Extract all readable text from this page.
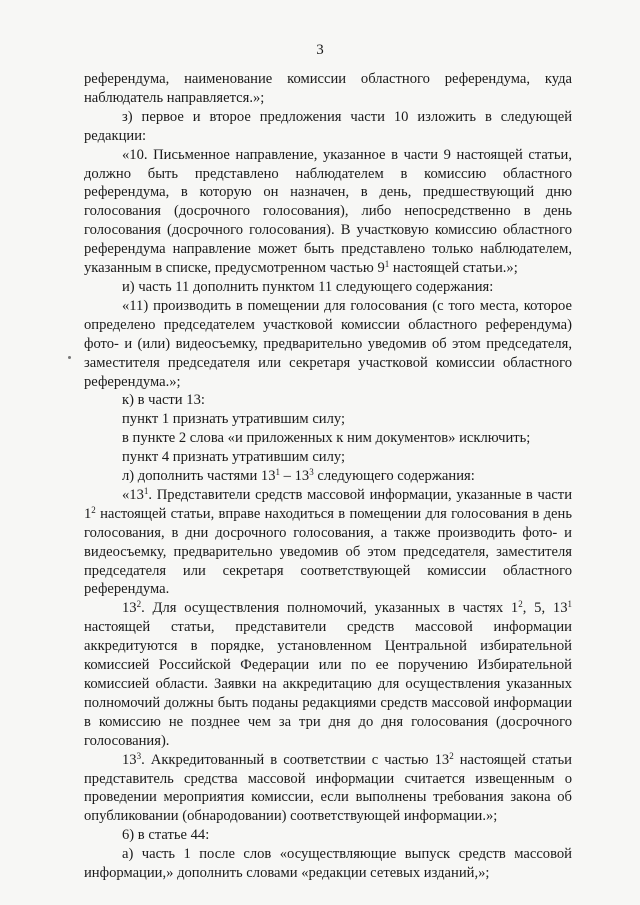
3

референдума, наименование комиссии областного референдума, куда наблюдатель направляется.»;

з) первое и второе предложения части 10 изложить в следующей редакции:

«10. Письменное направление, указанное в части 9 настоящей статьи, должно быть представлено наблюдателем в комиссию областного референдума, в которую он назначен, в день, предшествующий дню голосования (досрочного голосования), либо непосредственно в день голосования (досрочного голосования). В участковую комиссию областного референдума направление может быть представлено только наблюдателем, указанным в списке, предусмотренном частью $9^1$ настоящей статьи.»;

и) часть 11 дополнить пунктом 11 следующего содержания:

«11) производить в помещении для голосования (с того места, которое определено председателем участковой комиссии областного референдума) фото- и (или) видеосъемку, предварительно уведомив об этом председателя, заместителя председателя или секретаря участковой комиссии областного референдума.»;

к) в части 13:

пункт 1 признать утратившим силу;

в пункте 2 слова «и приложенных к ним документов» исключить;

пункт 4 признать утратившим силу;

л) дополнить частями $13^1 - 13^3$ следующего содержания:

«$13^1$. Представители средств массовой информации, указанные в части $1^2$ настоящей статьи, вправе находиться в помещении для голосования в день голосования, в дни досрочного голосования, а также производить фото- и видеосъемку, предварительно уведомив об этом председателя, заместителя председателя или секретаря соответствующей комиссии областного референдума.

$13^2$. Для осуществления полномочий, указанных в частях $1^2$, 5, $13^1$ настоящей статьи, представители средств массовой информации аккредитуются в порядке, установленном Центральной избирательной комиссией Российской Федерации или по ее поручению Избирательной комиссией области. Заявки на аккредитацию для осуществления указанных полномочий должны быть поданы редакциями средств массовой информации в комиссию не позднее чем за три дня до дня голосования (досрочного голосования).

$13^3$. Аккредитованный в соответствии с частью $13^2$ настоящей статьи представитель средства массовой информации считается извещенным о проведении мероприятия комиссии, если выполнены требования закона об опубликовании (обнародовании) соответствующей информации.»;

6) в статье 44:

а) часть 1 после слов «осуществляющие выпуск средств массовой информации,» дополнить словами «редакции сетевых изданий,»;
